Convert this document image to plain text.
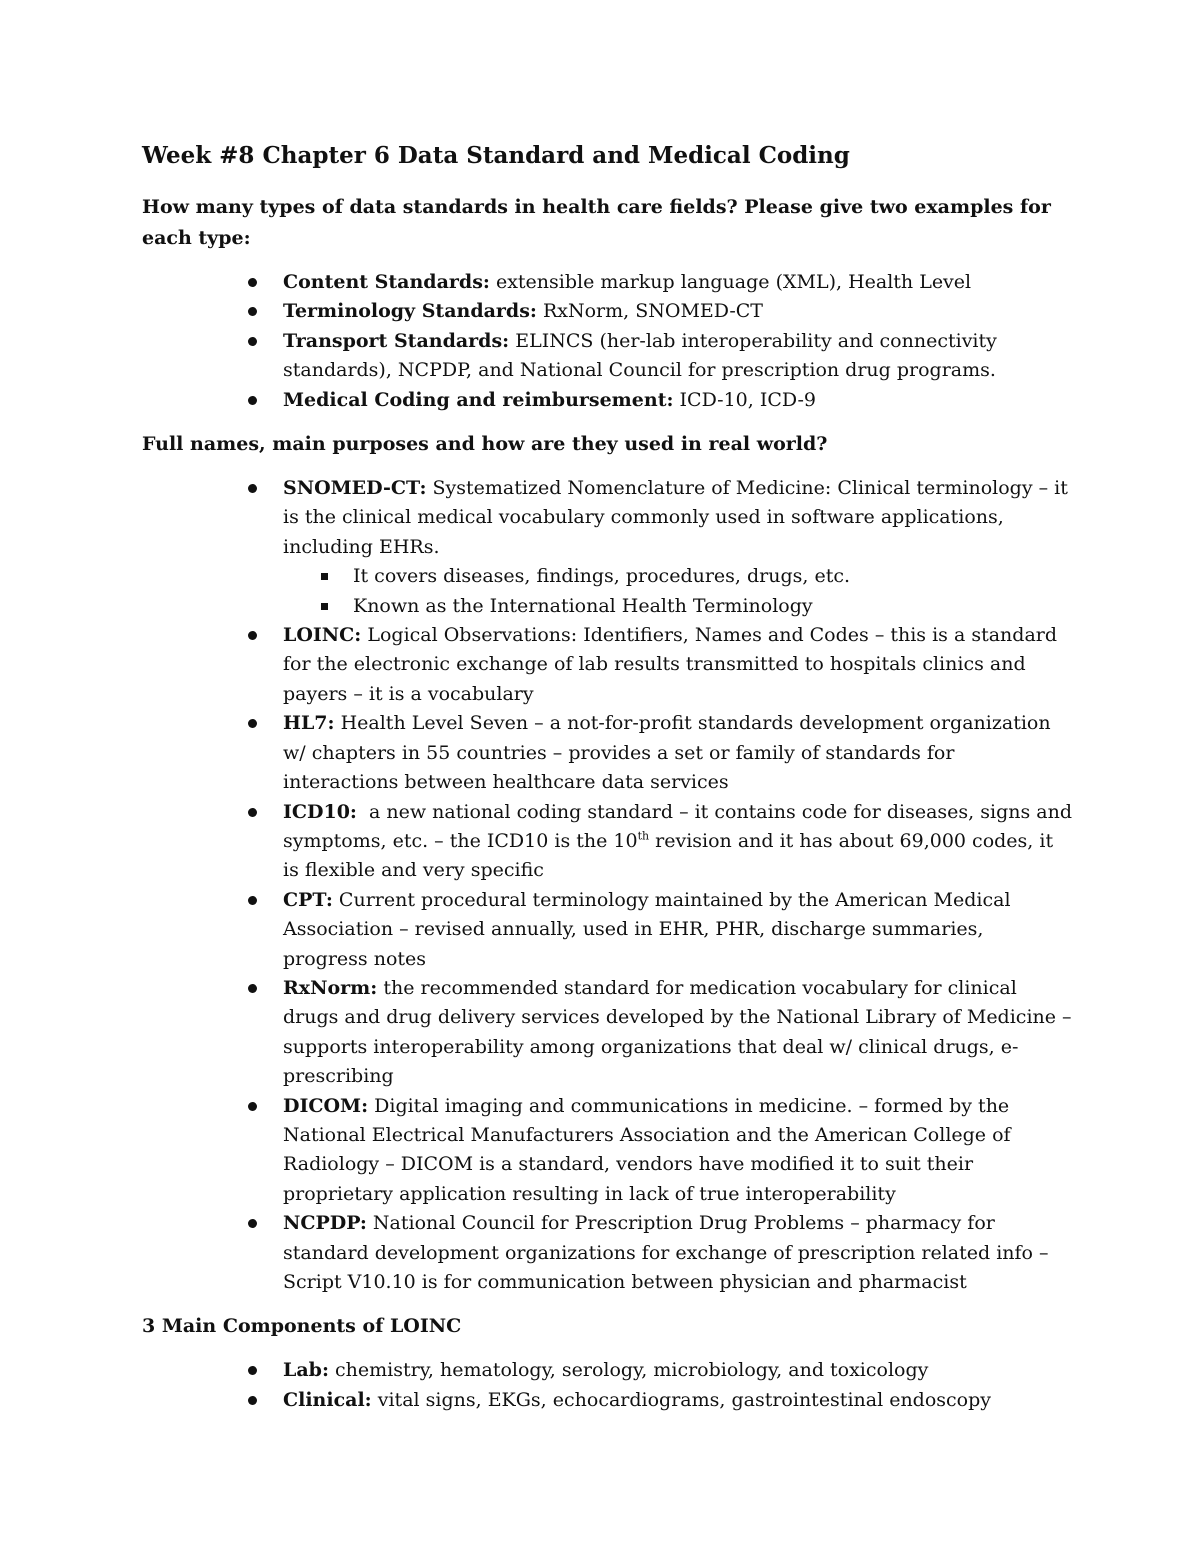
Week #8 Chapter 6 Data Standard and Medical Coding
How many types of data standards in health care fields? Please give two examples for each type:
Content Standards: extensible markup language (XML), Health Level
Terminology Standards: RxNorm, SNOMED-CT
Transport Standards: ELINCS (her-lab interoperability and connectivity standards), NCPDP, and National Council for prescription drug programs.
Medical Coding and reimbursement: ICD-10, ICD-9
Full names, main purposes and how are they used in real world?
SNOMED-CT: Systematized Nomenclature of Medicine: Clinical terminology – it is the clinical medical vocabulary commonly used in software applications, including EHRs.
It covers diseases, findings, procedures, drugs, etc.
Known as the International Health Terminology
LOINC: Logical Observations: Identifiers, Names and Codes – this is a standard for the electronic exchange of lab results transmitted to hospitals clinics and payers – it is a vocabulary
HL7: Health Level Seven – a not-for-profit standards development organization w/ chapters in 55 countries – provides a set or family of standards for interactions between healthcare data services
ICD10:  a new national coding standard – it contains code for diseases, signs and symptoms, etc. – the ICD10 is the 10th revision and it has about 69,000 codes, it is flexible and very specific
CPT: Current procedural terminology maintained by the American Medical Association – revised annually, used in EHR, PHR, discharge summaries, progress notes
RxNorm: the recommended standard for medication vocabulary for clinical drugs and drug delivery services developed by the National Library of Medicine – supports interoperability among organizations that deal w/ clinical drugs, e-prescribing
DICOM: Digital imaging and communications in medicine. – formed by the National Electrical Manufacturers Association and the American College of Radiology – DICOM is a standard, vendors have modified it to suit their proprietary application resulting in lack of true interoperability
NCPDP: National Council for Prescription Drug Problems – pharmacy for standard development organizations for exchange of prescription related info – Script V10.10 is for communication between physician and pharmacist
3 Main Components of LOINC
Lab: chemistry, hematology, serology, microbiology, and toxicology
Clinical: vital signs, EKGs, echocardiograms, gastrointestinal endoscopy
